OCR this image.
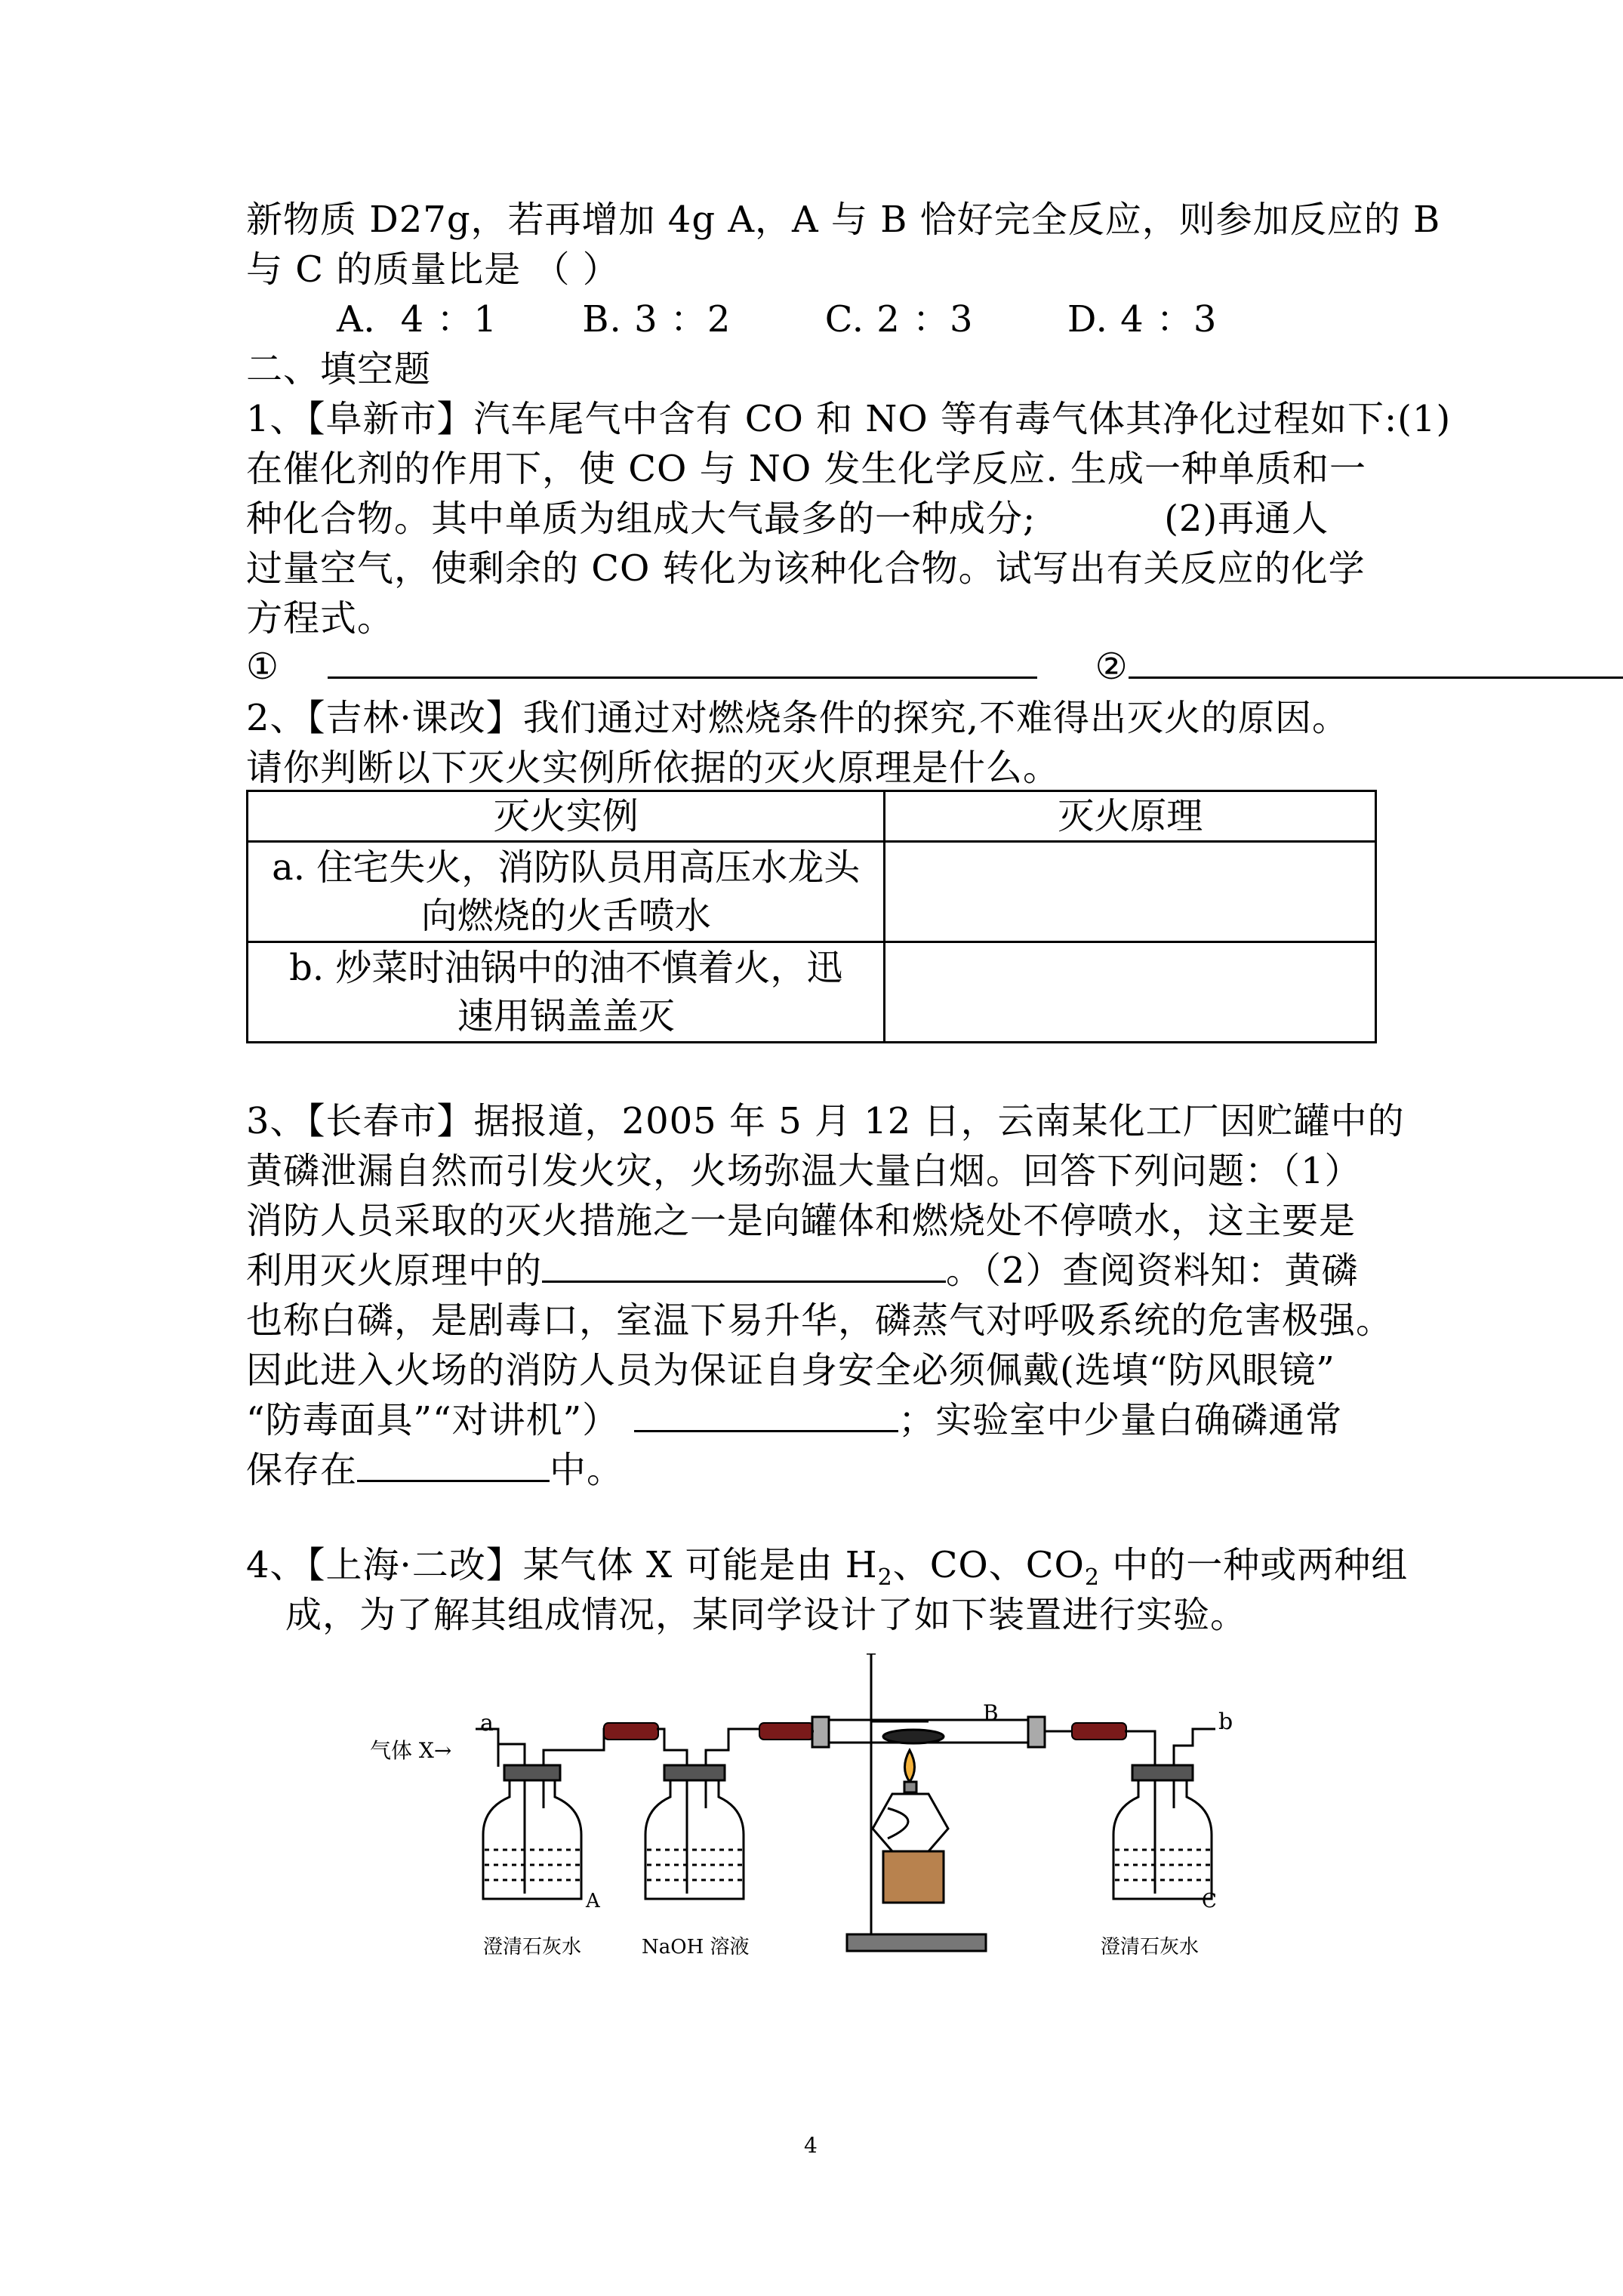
新物质 D27g，若再增加 4g A，A 与 B 恰好完全反应，则参加反应的 B
与 C 的质量比是 （ ）
A．4 ：1 B. 3 ：2	C. 2 ：3	D. 4 ：3
二、填空题
1、【阜新市】汽车尾气中含有 CO 和 NO 等有毒气体其净化过程如下:(1)
在催化剂的作用下，使 CO 与 NO 发生化学反应. 生成一种单质和一
种化合物。其中单质为组成大气最多的一种成分;	(2)再通人
过量空气，使剩余的 CO 转化为该种化合物。试写出有关反应的化学
方程式。
①	②
2、【吉林·课改】我们通过对燃烧条件的探究,不难得出灭火的原因。
请你判断以下灭火实例所依据的灭火原理是什么。
灭火实例	灭火原理

a. 住宅失火，消防队员用高压水龙头
向燃烧的火舌喷水	

b. 炒菜时油锅中的油不慎着火，迅
速用锅盖盖灭	

3、【长春市】据报道，2005 年 5 月 12 日，云南某化工厂因贮罐中的
黄磷泄漏自然而引发火灾，火场弥温大量白烟。回答下列问题：（1）
消防人员采取的灭火措施之一是向罐体和燃烧处不停喷水，这主要是
利用灭火原理中的	。（2）查阅资料知：黄磷
也称白磷，是剧毒口，室温下易升华，磷蒸气对呼吸系统的危害极强。
因此进入火场的消防人员为保证自身安全必须佩戴(选填“防风眼镜”
“防毒面具”“对讲机”）	；实验室中少量白确磷通常
保存在	中。
4、【上海·二改】某气体 X 可能是由 $H_2$、CO、$CO_2$ 中的一种或两种组
成，为了解其组成情况，某同学设计了如下装置进行实验。
气体 X→
a	b
B
A	C
澄清石灰水	NaOH 溶液	澄清石灰水
4
